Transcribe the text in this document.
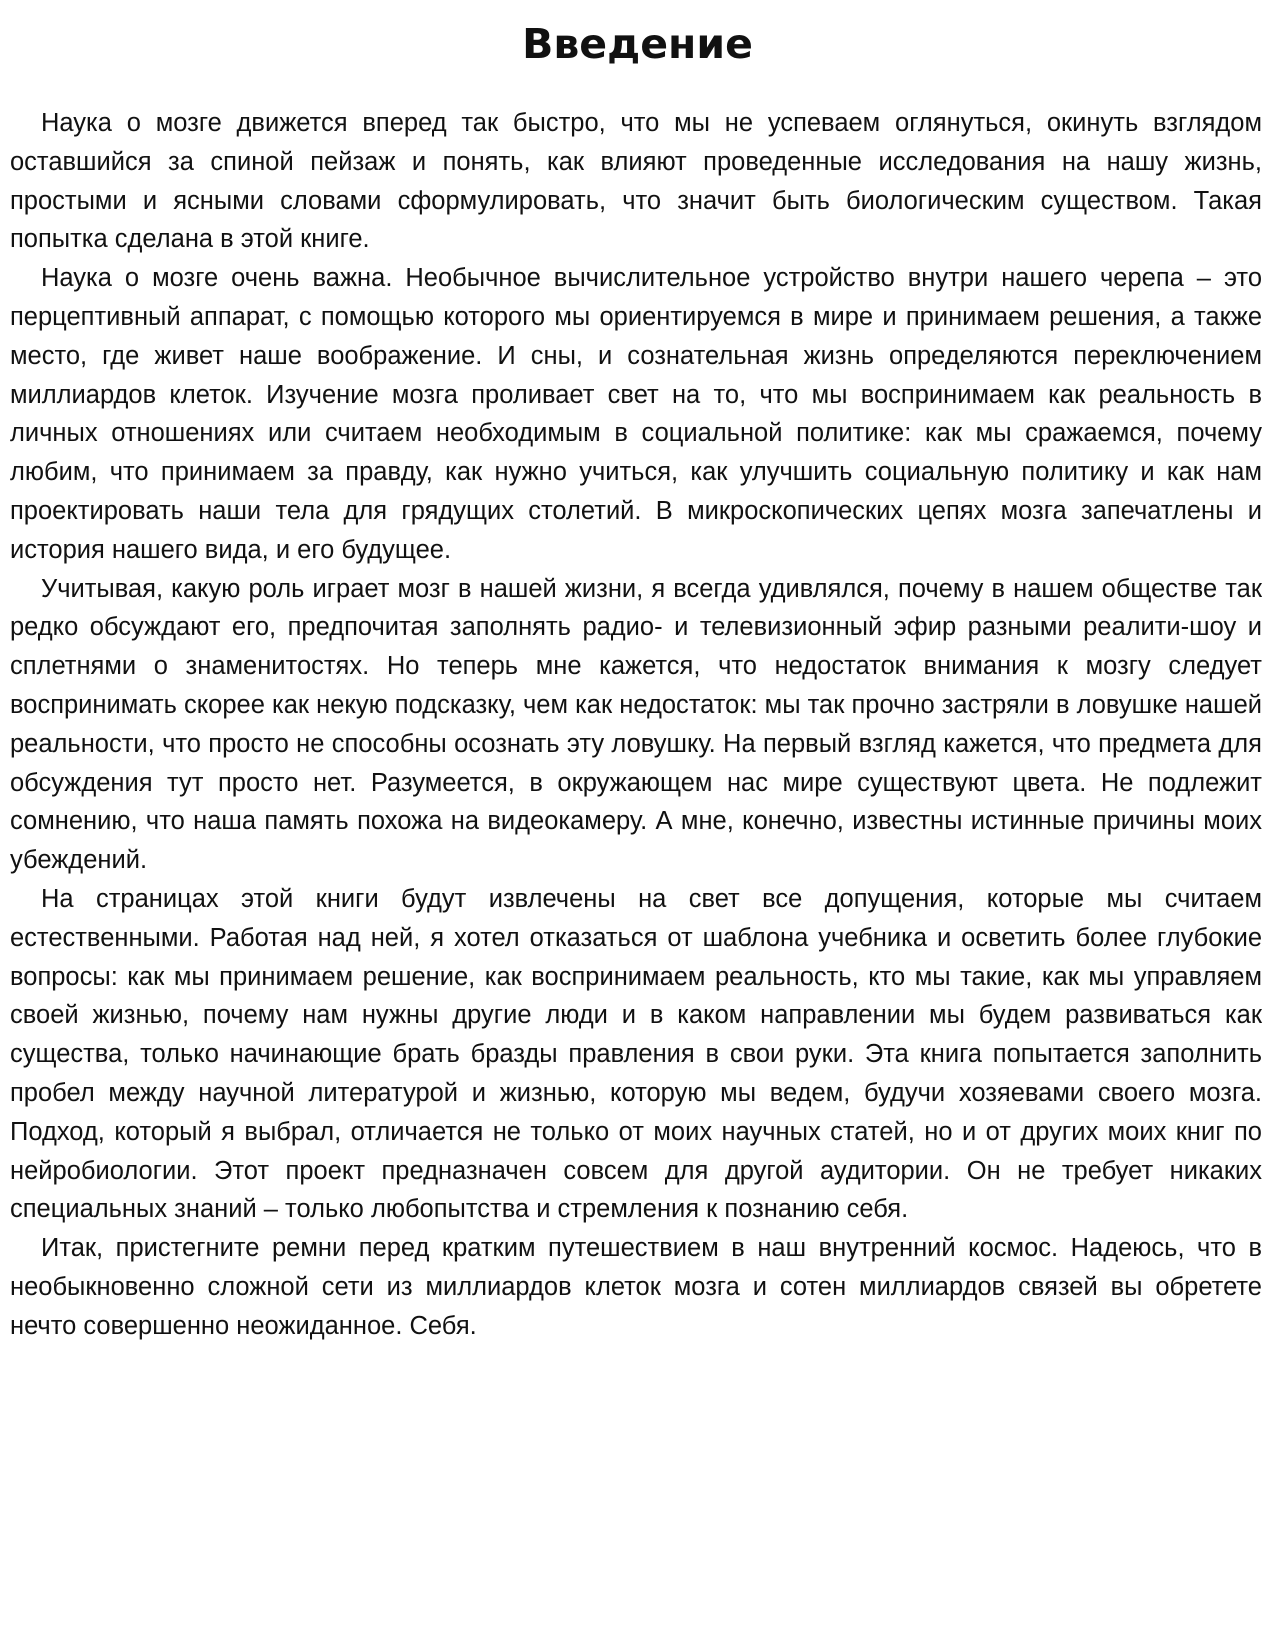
Введение

Наука о мозге движется вперед так быстро, что мы не успеваем оглянуться, окинуть взглядом оставшийся за спиной пейзаж и понять, как влияют проведенные исследования на нашу жизнь, простыми и ясными словами сформулировать, что значит быть биологическим существом. Такая попытка сделана в этой книге.

Наука о мозге очень важна. Необычное вычислительное устройство внутри нашего черепа – это перцептивный аппарат, с помощью которого мы ориентируемся в мире и принимаем решения, а также место, где живет наше воображение. И сны, и сознательная жизнь определяются переключением миллиардов клеток. Изучение мозга проливает свет на то, что мы воспринимаем как реальность в личных отношениях или считаем необходимым в социальной политике: как мы сражаемся, почему любим, что принимаем за правду, как нужно учиться, как улучшить социальную политику и как нам проектировать наши тела для грядущих столетий. В микроскопических цепях мозга запечатлены и история нашего вида, и его будущее.

Учитывая, какую роль играет мозг в нашей жизни, я всегда удивлялся, почему в нашем обществе так редко обсуждают его, предпочитая заполнять радио- и телевизионный эфир разными реалити-шоу и сплетнями о знаменитостях. Но теперь мне кажется, что недостаток внимания к мозгу следует воспринимать скорее как некую подсказку, чем как недостаток: мы так прочно застряли в ловушке нашей реальности, что просто не способны осознать эту ловушку. На первый взгляд кажется, что предмета для обсуждения тут просто нет. Разумеется, в окружающем нас мире существуют цвета. Не подлежит сомнению, что наша память похожа на видеокамеру. А мне, конечно, известны истинные причины моих убеждений.

На страницах этой книги будут извлечены на свет все допущения, которые мы считаем естественными. Работая над ней, я хотел отказаться от шаблона учебника и осветить более глубокие вопросы: как мы принимаем решение, как воспринимаем реальность, кто мы такие, как мы управляем своей жизнью, почему нам нужны другие люди и в каком направлении мы будем развиваться как существа, только начинающие брать бразды правления в свои руки. Эта книга попытается заполнить пробел между научной литературой и жизнью, которую мы ведем, будучи хозяевами своего мозга. Подход, который я выбрал, отличается не только от моих научных статей, но и от других моих книг по нейробиологии. Этот проект предназначен совсем для другой аудитории. Он не требует никаких специальных знаний – только любопытства и стремления к познанию себя.

Итак, пристегните ремни перед кратким путешествием в наш внутренний космос. Надеюсь, что в необыкновенно сложной сети из миллиардов клеток мозга и сотен миллиардов связей вы обретете нечто совершенно неожиданное. Себя.
